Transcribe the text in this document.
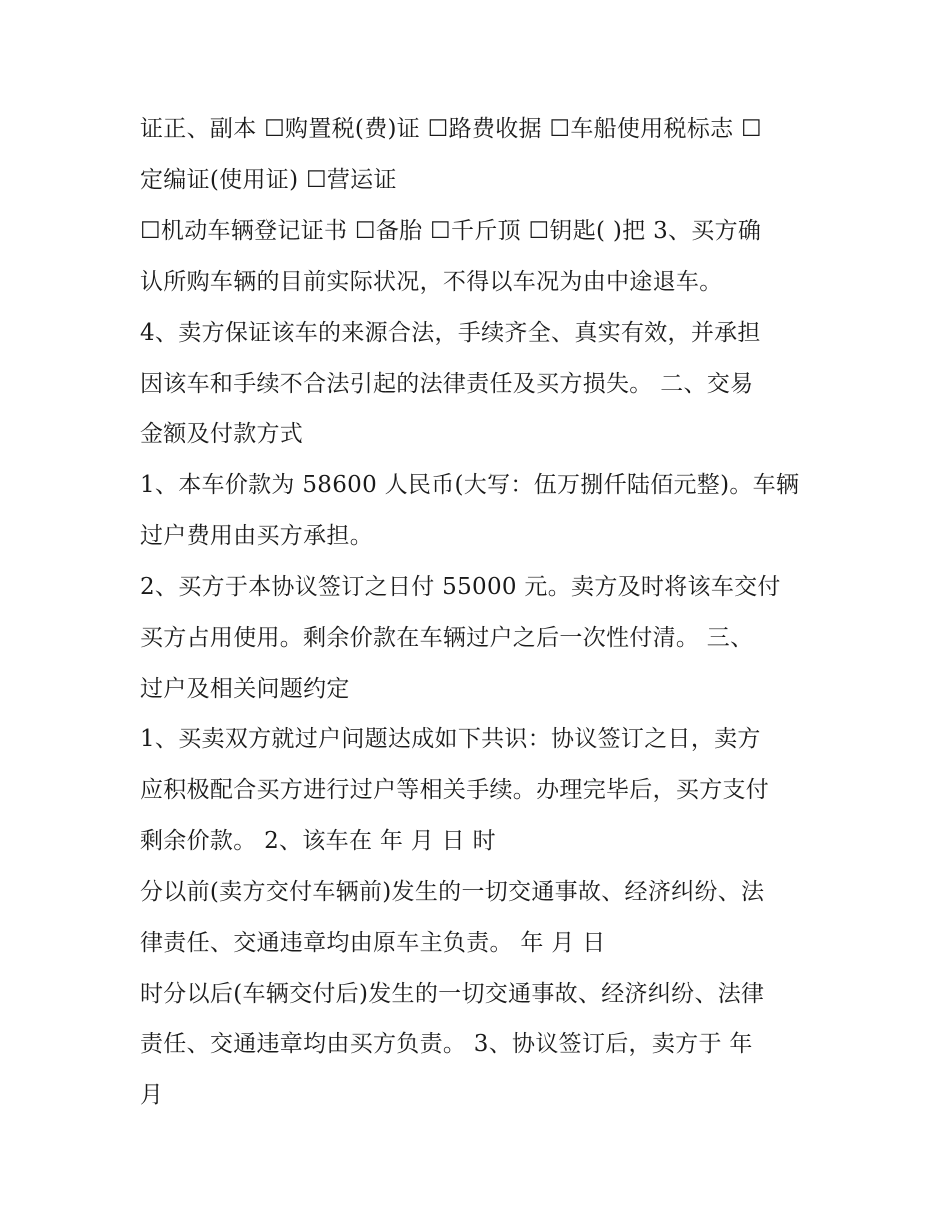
证正、副本 ☐购置税(费)证 ☐路费收据 ☐车船使用税标志 ☐
定编证(使用证) ☐营运证
☐机动车辆登记证书 ☐备胎 ☐千斤顶 ☐钥匙( )把 3、买方确
认所购车辆的目前实际状况，不得以车况为由中途退车。
4、卖方保证该车的来源合法，手续齐全、真实有效，并承担
因该车和手续不合法引起的法律责任及买方损失。 二、交易
金额及付款方式
1、本车价款为 58600 人民币(大写：伍万捌仟陆佰元整)。车辆
过户费用由买方承担。
2、买方于本协议签订之日付 55000 元。卖方及时将该车交付
买方占用使用。剩余价款在车辆过户之后一次性付清。 三、
过户及相关问题约定
1、买卖双方就过户问题达成如下共识：协议签订之日，卖方
应积极配合买方进行过户等相关手续。办理完毕后，买方支付
剩余价款。 2、该车在 年 月 日 时
分以前(卖方交付车辆前)发生的一切交通事故、经济纠纷、法
律责任、交通违章均由原车主负责。 年 月 日
时分以后(车辆交付后)发生的一切交通事故、经济纠纷、法律
责任、交通违章均由买方负责。 3、协议签订后，卖方于 年
月
